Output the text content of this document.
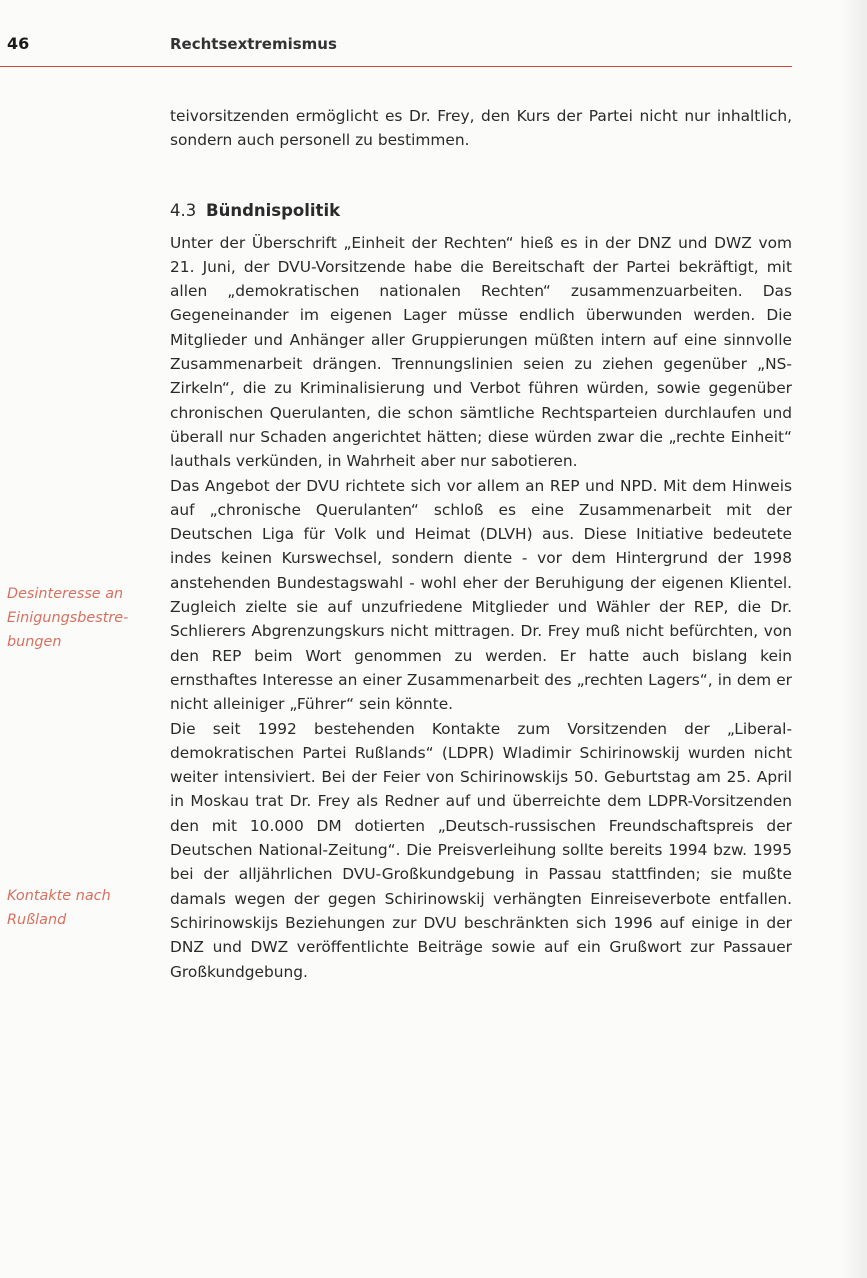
46	Rechtsextremismus

teivorsitzenden ermöglicht es Dr. Frey, den Kurs der Partei nicht nur inhaltlich, sondern auch personell zu bestimmen.

4.3 Bündnispolitik

Unter der Überschrift „Einheit der Rechten“ hieß es in der DNZ und DWZ vom 21. Juni, der DVU-Vorsitzende habe die Bereitschaft der Partei bekräftigt, mit allen „demokratischen nationalen Rechten“ zusammenzuarbeiten. Das Gegeneinander im eigenen Lager müsse endlich überwunden werden. Die Mitglieder und Anhänger aller Gruppierungen müßten intern auf eine sinnvolle Zusammenarbeit drängen. Trennungslinien seien zu ziehen gegenüber „NS-Zirkeln“, die zu Kriminalisierung und Verbot führen würden, sowie gegenüber chronischen Querulanten, die schon sämtliche Rechtsparteien durchlaufen und überall nur Schaden angerichtet hätten; diese würden zwar die „rechte Einheit“ lauthals verkünden, in Wahrheit aber nur sabotieren.

Das Angebot der DVU richtete sich vor allem an REP und NPD. Mit dem Hinweis auf „chronische Querulanten“ schloß es eine Zusammenarbeit mit der Deutschen Liga für Volk und Heimat (DLVH) aus. Diese Initiative bedeutete indes keinen Kurswechsel, sondern diente - vor dem Hintergrund der 1998 anstehenden Bundestagswahl - wohl eher der Beruhigung der eigenen Klientel. Zugleich zielte sie auf unzufriedene Mitglieder und Wähler der REP, die Dr. Schlierers Abgrenzungskurs nicht mittragen. Dr. Frey muß nicht befürchten, von den REP beim Wort genommen zu werden. Er hatte auch bislang kein ernsthaftes Interesse an einer Zusammenarbeit des „rechten Lagers“, in dem er nicht alleiniger „Führer“ sein könnte.

Die seit 1992 bestehenden Kontakte zum Vorsitzenden der „Liberaldemokratischen Partei Rußlands“ (LDPR) Wladimir Schirinowskij wurden nicht weiter intensiviert. Bei der Feier von Schirinowskijs 50. Geburtstag am 25. April in Moskau trat Dr. Frey als Redner auf und überreichte dem LDPR-Vorsitzenden den mit 10.000 DM dotierten „Deutsch-russischen Freundschaftspreis der Deutschen National-Zeitung“. Die Preisverleihung sollte bereits 1994 bzw. 1995 bei der alljährlichen DVU-Großkundgebung in Passau stattfinden; sie mußte damals wegen der gegen Schirinowskij verhängten Einreiseverbote entfallen. Schirinowskijs Beziehungen zur DVU beschränkten sich 1996 auf einige in der DNZ und DWZ veröffentlichte Beiträge sowie auf ein Grußwort zur Passauer Großkundgebung.

Desinteresse an Einigungsbestrebungen
Kontakte nach Rußland
